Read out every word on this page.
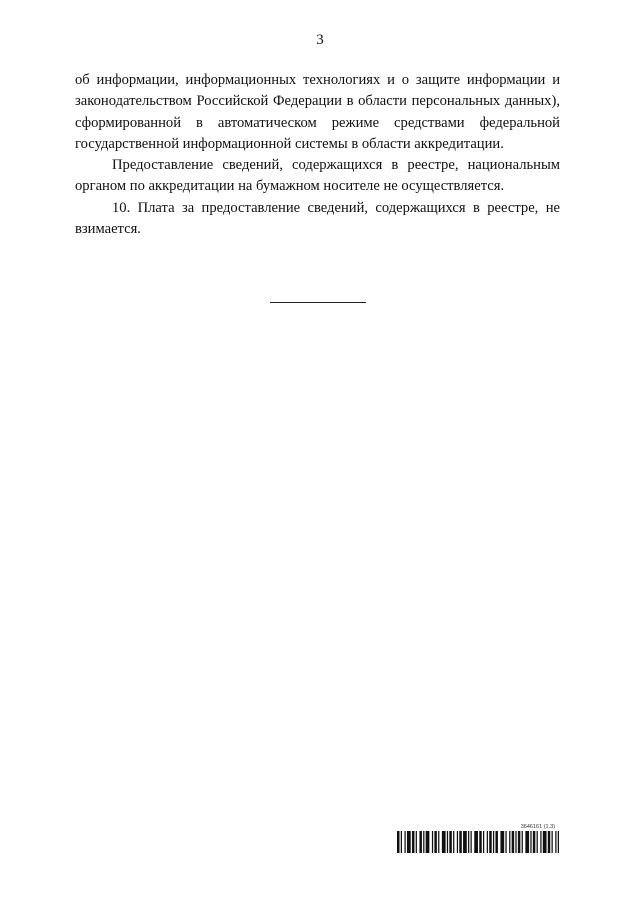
3

об информации, информационных технологиях и о защите информации и законодательством Российской Федерации в области персональных данных), сформированной в автоматическом режиме средствами федеральной государственной информационной системы в области аккредитации.

Предоставление сведений, содержащихся в реестре, национальным органом по аккредитации на бумажном носителе не осуществляется.

10. Плата за предоставление сведений, содержащихся в реестре, не взимается.

3646161 (1.3)
